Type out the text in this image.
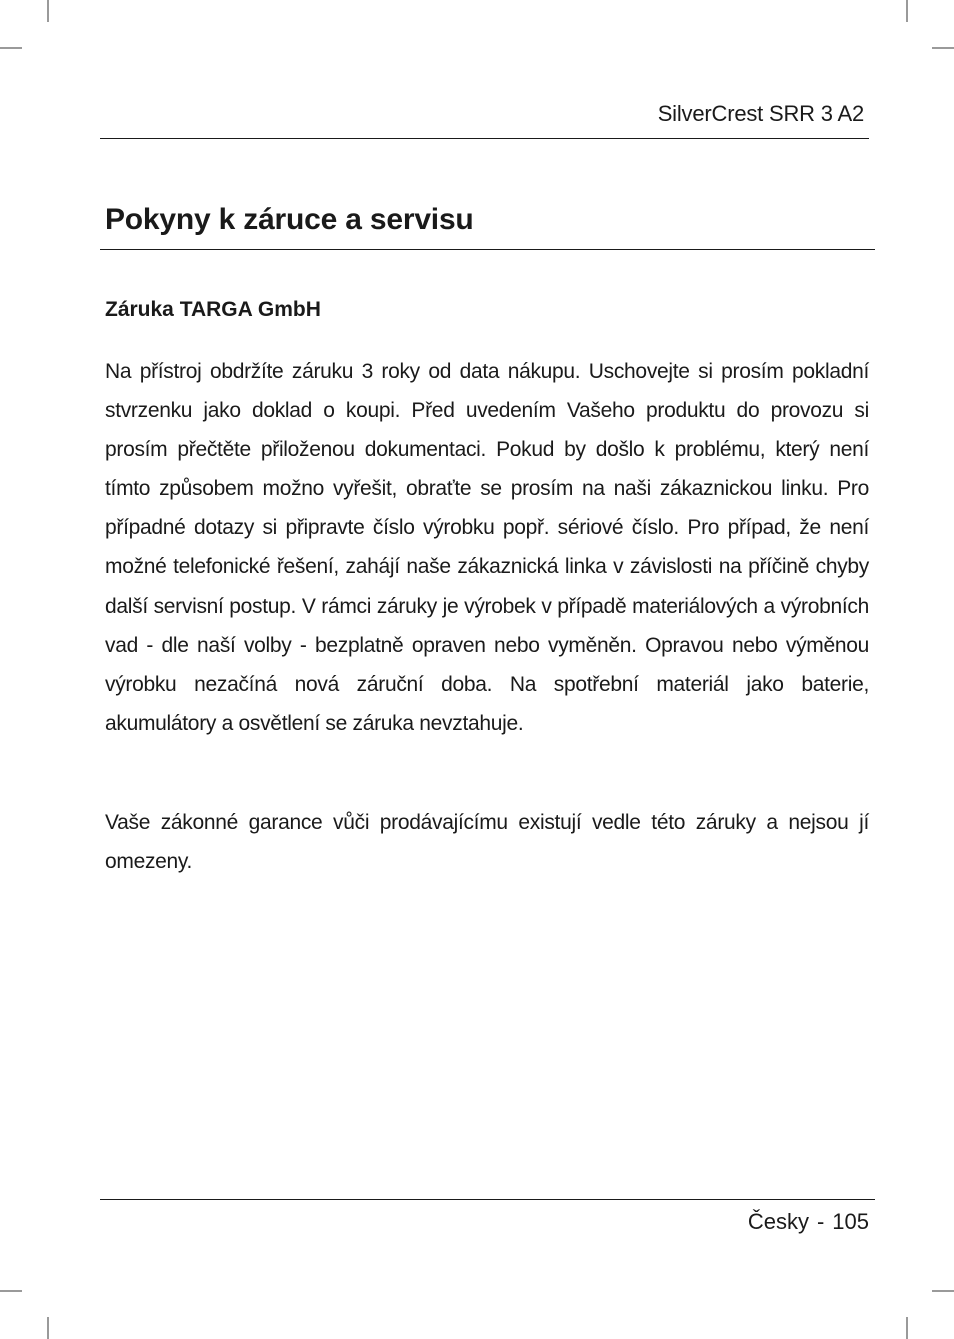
SilverCrest SRR 3 A2
Pokyny k záruce a servisu
Záruka TARGA GmbH

Na přístroj obdržíte záruku 3 roky od data nákupu. Uschovejte si prosím pokladní stvrzenku jako doklad o koupi. Před uvedením Vašeho produktu do provozu si prosím přečtěte přiloženou dokumentaci. Pokud by došlo k problému, který není tímto způsobem možno vyřešit, obraťte se prosím na naši zákaznickou linku. Pro případné dotazy si připravte číslo výrobku popř. sériové číslo. Pro případ, že není možné telefonické řešení, zahájí naše zákaznická linka v závislosti na příčině chyby další servisní postup. V rámci záruky je výrobek v případě materiálových a výrobních vad - dle naší volby - bezplatně opraven nebo vyměněn. Opravou nebo výměnou výrobku nezačíná nová záruční doba. Na spotřební materiál jako baterie, akumulátory a osvětlení se záruka nevztahuje.

Vaše zákonné garance vůči prodávajícímu existují vedle této záruky a nejsou jí omezeny.

Česky - 105
